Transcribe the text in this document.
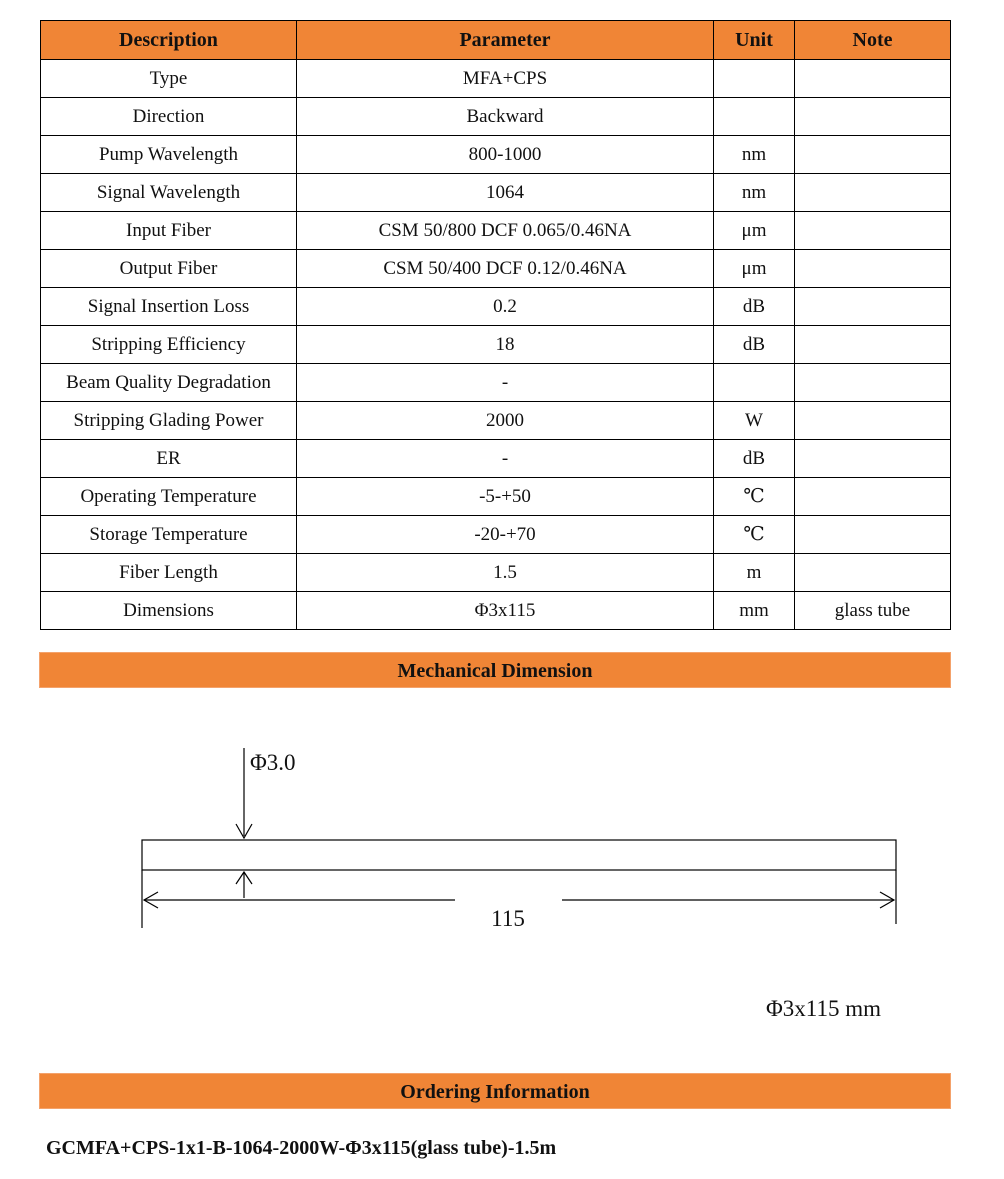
Description	Parameter	Unit	Note
Type	MFA+CPS		
Direction	Backward		
Pump Wavelength	800-1000	nm	
Signal Wavelength	1064	nm	
Input Fiber	CSM 50/800 DCF 0.065/0.46NA	μm	
Output Fiber	CSM 50/400 DCF 0.12/0.46NA	μm	
Signal Insertion Loss	0.2	dB	
Stripping Efficiency	18	dB	
Beam Quality Degradation	-		
Stripping Glading Power	2000	W	
ER	-	dB	
Operating Temperature	-5-+50	℃	
Storage Temperature	-20-+70	℃	
Fiber Length	1.5	m	
Dimensions	Φ3x115	mm	glass tube
Mechanical Dimension
Φ3.0
115
Φ3x115 mm
Ordering Information
GCMFA+CPS-1x1-B-1064-2000W-Φ3x115(glass tube)-1.5m
